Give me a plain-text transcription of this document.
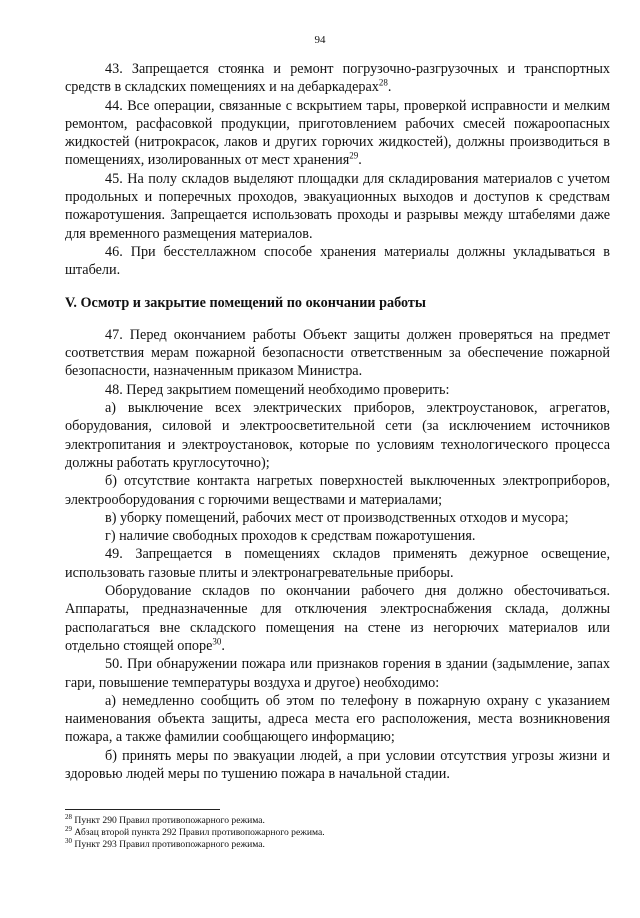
94

43. Запрещается стоянка и ремонт погрузочно-разгрузочных и транспортных средств в складских помещениях и на дебаркадерах$^{28}$.

44. Все операции, связанные с вскрытием тары, проверкой исправности и мелким ремонтом, расфасовкой продукции, приготовлением рабочих смесей пожароопасных жидкостей (нитрокрасок, лаков и других горючих жидкостей), должны производиться в помещениях, изолированных от мест хранения$^{29}$.

45. На полу складов выделяют площадки для складирования материалов с учетом продольных и поперечных проходов, эвакуационных выходов и доступов к средствам пожаротушения. Запрещается использовать проходы и разрывы между штабелями даже для временного размещения материалов.

46. При бесстеллажном способе хранения материалы должны укладываться в штабели.

V. Осмотр и закрытие помещений по окончании работы

47. Перед окончанием работы Объект защиты должен проверяться на предмет соответствия мерам пожарной безопасности ответственным за обеспечение пожарной безопасности, назначенным приказом Министра.

48. Перед закрытием помещений необходимо проверить:

а) выключение всех электрических приборов, электроустановок, агрегатов, оборудования, силовой и электроосветительной сети (за исключением источников электропитания и электроустановок, которые по условиям технологического процесса должны работать круглосуточно);

б) отсутствие контакта нагретых поверхностей выключенных электроприборов, электрооборудования с горючими веществами и материалами;

в) уборку помещений, рабочих мест от производственных отходов и мусора;

г) наличие свободных проходов к средствам пожаротушения.

49. Запрещается в помещениях складов применять дежурное освещение, использовать газовые плиты и электронагревательные приборы.

Оборудование складов по окончании рабочего дня должно обесточиваться. Аппараты, предназначенные для отключения электроснабжения склада, должны располагаться вне складского помещения на стене из негорючих материалов или отдельно стоящей опоре$^{30}$.

50. При обнаружении пожара или признаков горения в здании (задымление, запах гари, повышение температуры воздуха и другое) необходимо:

а) немедленно сообщить об этом по телефону в пожарную охрану с указанием наименования объекта защиты, адреса места его расположения, места возникновения пожара, а также фамилии сообщающего информацию;

б) принять меры по эвакуации людей, а при условии отсутствия угрозы жизни и здоровью людей меры по тушению пожара в начальной стадии.

$^{28}$ Пункт 290 Правил противопожарного режима.

$^{29}$ Абзац второй пункта 292 Правил противопожарного режима.

$^{30}$ Пункт 293 Правил противопожарного режима.
